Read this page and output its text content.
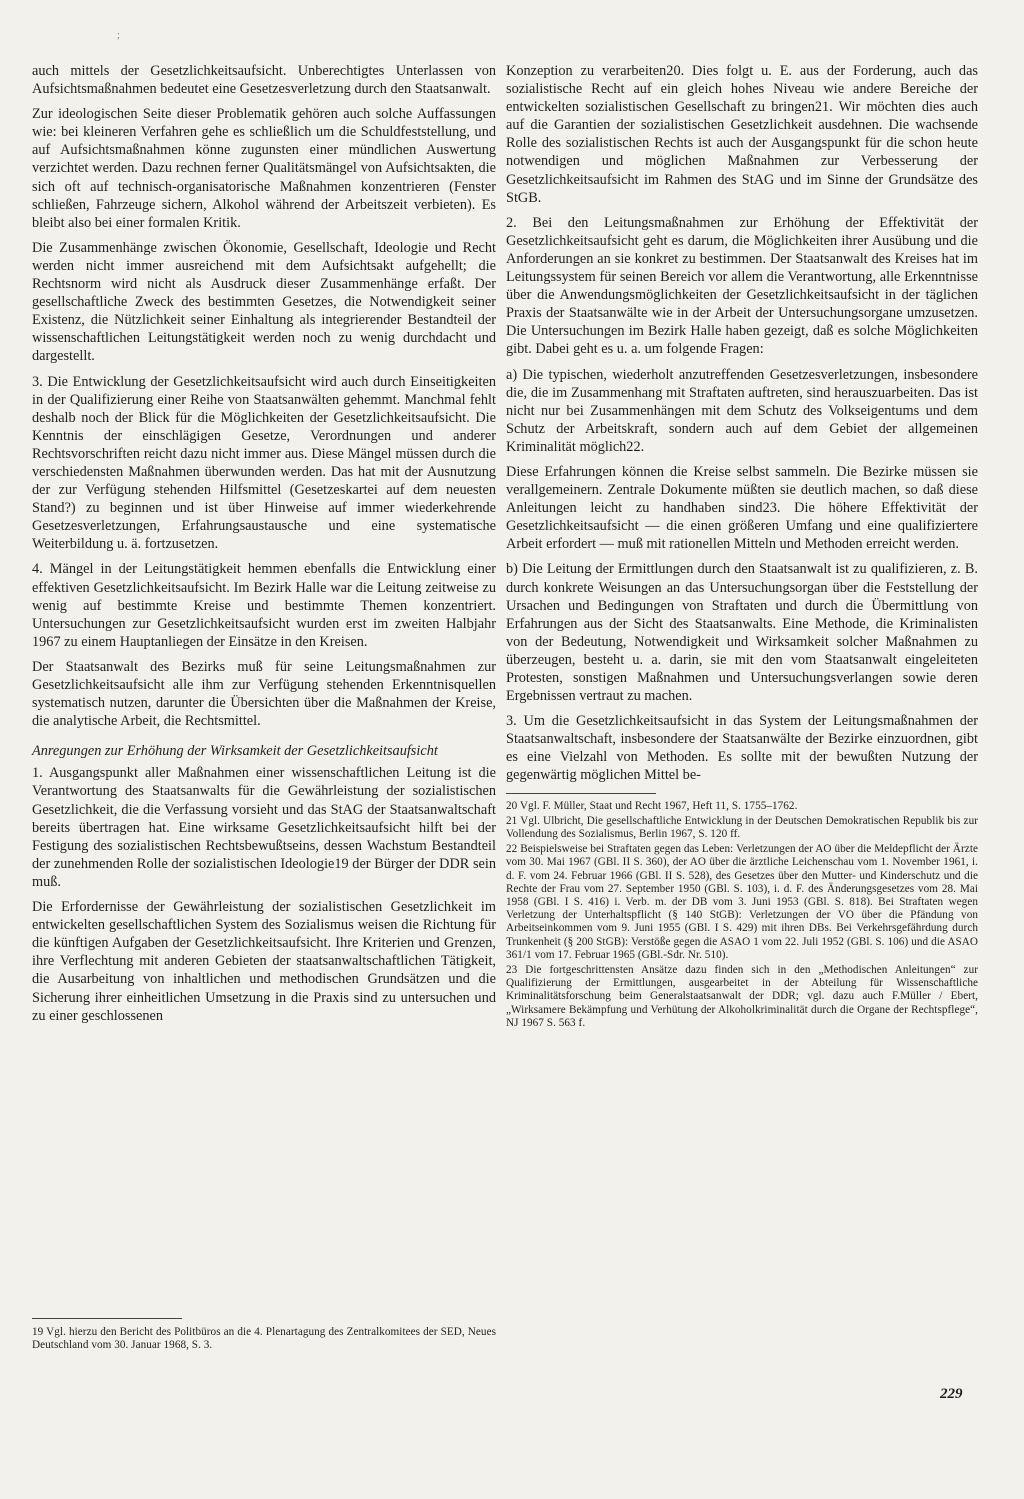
;

auch mittels der Gesetzlichkeitsaufsicht. Unberechtigtes Unterlassen von Aufsichtsmaßnahmen bedeutet eine Gesetzesverletzung durch den Staatsanwalt.

Zur ideologischen Seite dieser Problematik gehören auch solche Auffassungen wie: bei kleineren Verfahren gehe es schließlich um die Schuldfeststellung, und auf Aufsichtsmaßnahmen könne zugunsten einer mündlichen Auswertung verzichtet werden. Dazu rechnen ferner Qualitätsmängel von Aufsichtsakten, die sich oft auf technisch-organisatorische Maßnahmen konzentrieren (Fenster schließen, Fahrzeuge sichern, Alkohol während der Arbeitszeit verbieten). Es bleibt also bei einer formalen Kritik.

Die Zusammenhänge zwischen Ökonomie, Gesellschaft, Ideologie und Recht werden nicht immer ausreichend mit dem Aufsichtsakt aufgehellt; die Rechtsnorm wird nicht als Ausdruck dieser Zusammenhänge erfaßt. Der gesellschaftliche Zweck des bestimmten Gesetzes, die Notwendigkeit seiner Existenz, die Nützlichkeit seiner Einhaltung als integrierender Bestandteil der wissenschaftlichen Leitungstätigkeit werden noch zu wenig durchdacht und dargestellt.

3. Die Entwicklung der Gesetzlichkeitsaufsicht wird auch durch Einseitigkeiten in der Qualifizierung einer Reihe von Staatsanwälten gehemmt. Manchmal fehlt deshalb noch der Blick für die Möglichkeiten der Gesetzlichkeitsaufsicht. Die Kenntnis der einschlägigen Gesetze, Verordnungen und anderer Rechtsvorschriften reicht dazu nicht immer aus. Diese Mängel müssen durch die verschiedensten Maßnahmen überwunden werden. Das hat mit der Ausnutzung der zur Verfügung stehenden Hilfsmittel (Gesetzeskartei auf dem neuesten Stand?) zu beginnen und ist über Hinweise auf immer wiederkehrende Gesetzesverletzungen, Erfahrungsaustausche und eine systematische Weiterbildung u. ä. fortzusetzen.

4. Mängel in der Leitungstätigkeit hemmen ebenfalls die Entwicklung einer effektiven Gesetzlichkeitsaufsicht. Im Bezirk Halle war die Leitung zeitweise zu wenig auf bestimmte Kreise und bestimmte Themen konzentriert. Untersuchungen zur Gesetzlichkeitsaufsicht wurden erst im zweiten Halbjahr 1967 zu einem Hauptanliegen der Einsätze in den Kreisen.

Der Staatsanwalt des Bezirks muß für seine Leitungsmaßnahmen zur Gesetzlichkeitsaufsicht alle ihm zur Verfügung stehenden Erkenntnisquellen systematisch nutzen, darunter die Übersichten über die Maßnahmen der Kreise, die analytische Arbeit, die Rechtsmittel.

Anregungen zur Erhöhung der Wirksamkeit der Gesetzlichkeitsaufsicht

1. Ausgangspunkt aller Maßnahmen einer wissenschaftlichen Leitung ist die Verantwortung des Staatsanwalts für die Gewährleistung der sozialistischen Gesetzlichkeit, die die Verfassung vorsieht und das StAG der Staatsanwaltschaft bereits übertragen hat. Eine wirksame Gesetzlichkeitsaufsicht hilft bei der Festigung des sozialistischen Rechtsbewußtseins, dessen Wachstum Bestandteil der zunehmenden Rolle der sozialistischen Ideologie19 der Bürger der DDR sein muß.

Die Erfordernisse der Gewährleistung der sozialistischen Gesetzlichkeit im entwickelten gesellschaftlichen System des Sozialismus weisen die Richtung für die künftigen Aufgaben der Gesetzlichkeitsaufsicht. Ihre Kriterien und Grenzen, ihre Verflechtung mit anderen Gebieten der staatsanwaltschaftlichen Tätigkeit, die Ausarbeitung von inhaltlichen und methodischen Grundsätzen und die Sicherung ihrer einheitlichen Umsetzung in die Praxis sind zu untersuchen und zu einer geschlossenen

19 Vgl. hierzu den Bericht des Politbüros an die 4. Plenartagung des Zentralkomitees der SED, Neues Deutschland vom 30. Januar 1968, S. 3.

Konzeption zu verarbeiten20. Dies folgt u. E. aus der Forderung, auch das sozialistische Recht auf ein gleich hohes Niveau wie andere Bereiche der entwickelten sozialistischen Gesellschaft zu bringen21. Wir möchten dies auch auf die Garantien der sozialistischen Gesetzlichkeit ausdehnen. Die wachsende Rolle des sozialistischen Rechts ist auch der Ausgangspunkt für die schon heute notwendigen und möglichen Maßnahmen zur Verbesserung der Gesetzlichkeitsaufsicht im Rahmen des StAG und im Sinne der Grundsätze des StGB.

2. Bei den Leitungsmaßnahmen zur Erhöhung der Effektivität der Gesetzlichkeitsaufsicht geht es darum, die Möglichkeiten ihrer Ausübung und die Anforderungen an sie konkret zu bestimmen. Der Staatsanwalt des Kreises hat im Leitungssystem für seinen Bereich vor allem die Verantwortung, alle Erkenntnisse über die Anwendungsmöglichkeiten der Gesetzlichkeitsaufsicht in der täglichen Praxis der Staatsanwälte wie in der Arbeit der Untersuchungsorgane umzusetzen. Die Untersuchungen im Bezirk Halle haben gezeigt, daß es solche Möglichkeiten gibt. Dabei geht es u. a. um folgende Fragen:

a) Die typischen, wiederholt anzutreffenden Gesetzesverletzungen, insbesondere die, die im Zusammenhang mit Straftaten auftreten, sind herauszuarbeiten. Das ist nicht nur bei Zusammenhängen mit dem Schutz des Volkseigentums und dem Schutz der Arbeitskraft, sondern auch auf dem Gebiet der allgemeinen Kriminalität möglich22.

Diese Erfahrungen können die Kreise selbst sammeln. Die Bezirke müssen sie verallgemeinern. Zentrale Dokumente müßten sie deutlich machen, so daß diese Anleitungen leicht zu handhaben sind23. Die höhere Effektivität der Gesetzlichkeitsaufsicht — die einen größeren Umfang und eine qualifiziertere Arbeit erfordert — muß mit rationellen Mitteln und Methoden erreicht werden.

b) Die Leitung der Ermittlungen durch den Staatsanwalt ist zu qualifizieren, z. B. durch konkrete Weisungen an das Untersuchungsorgan über die Feststellung der Ursachen und Bedingungen von Straftaten und durch die Übermittlung von Erfahrungen aus der Sicht des Staatsanwalts. Eine Methode, die Kriminalisten von der Bedeutung, Notwendigkeit und Wirksamkeit solcher Maßnahmen zu überzeugen, besteht u. a. darin, sie mit den vom Staatsanwalt eingeleiteten Protesten, sonstigen Maßnahmen und Untersuchungsverlangen sowie deren Ergebnissen vertraut zu machen.

3. Um die Gesetzlichkeitsaufsicht in das System der Leitungsmaßnahmen der Staatsanwaltschaft, insbesondere der Staatsanwälte der Bezirke einzuordnen, gibt es eine Vielzahl von Methoden. Es sollte mit der bewußten Nutzung der gegenwärtig möglichen Mittel be-

20 Vgl. F. Müller, Staat und Recht 1967, Heft 11, S. 1755–1762.

21 Vgl. Ulbricht, Die gesellschaftliche Entwicklung in der Deutschen Demokratischen Republik bis zur Vollendung des Sozialismus, Berlin 1967, S. 120 ff.

22 Beispielsweise bei Straftaten gegen das Leben: Verletzungen der AO über die Meldepflicht der Ärzte vom 30. Mai 1967 (GBl. II S. 360), der AO über die ärztliche Leichenschau vom 1. November 1961, i. d. F. vom 24. Februar 1966 (GBl. II S. 528), des Gesetzes über den Mutter- und Kinderschutz und die Rechte der Frau vom 27. September 1950 (GBl. S. 103), i. d. F. des Änderungsgesetzes vom 28. Mai 1958 (GBl. I S. 416) i. Verb. m. der DB vom 3. Juni 1953 (GBl. S. 818). Bei Straftaten wegen Verletzung der Unterhaltspflicht (§ 140 StGB): Verletzungen der VO über die Pfändung von Arbeitseinkommen vom 9. Juni 1955 (GBl. I S. 429) mit ihren DBs. Bei Verkehrsgefährdung durch Trunkenheit (§ 200 StGB): Verstöße gegen die ASAO 1 vom 22. Juli 1952 (GBl. S. 106) und die ASAO 361/1 vom 17. Februar 1965 (GBl.-Sdr. Nr. 510).

23 Die fortgeschrittensten Ansätze dazu finden sich in den „Methodischen Anleitungen“ zur Qualifizierung der Ermittlungen, ausgearbeitet in der Abteilung für Wissenschaftliche Kriminalitätsforschung beim Generalstaatsanwalt der DDR; vgl. dazu auch F.Müller / Ebert, „Wirksamere Bekämpfung und Verhütung der Alkoholkriminalität durch die Organe der Rechtspflege“, NJ 1967 S. 563 f.

229
